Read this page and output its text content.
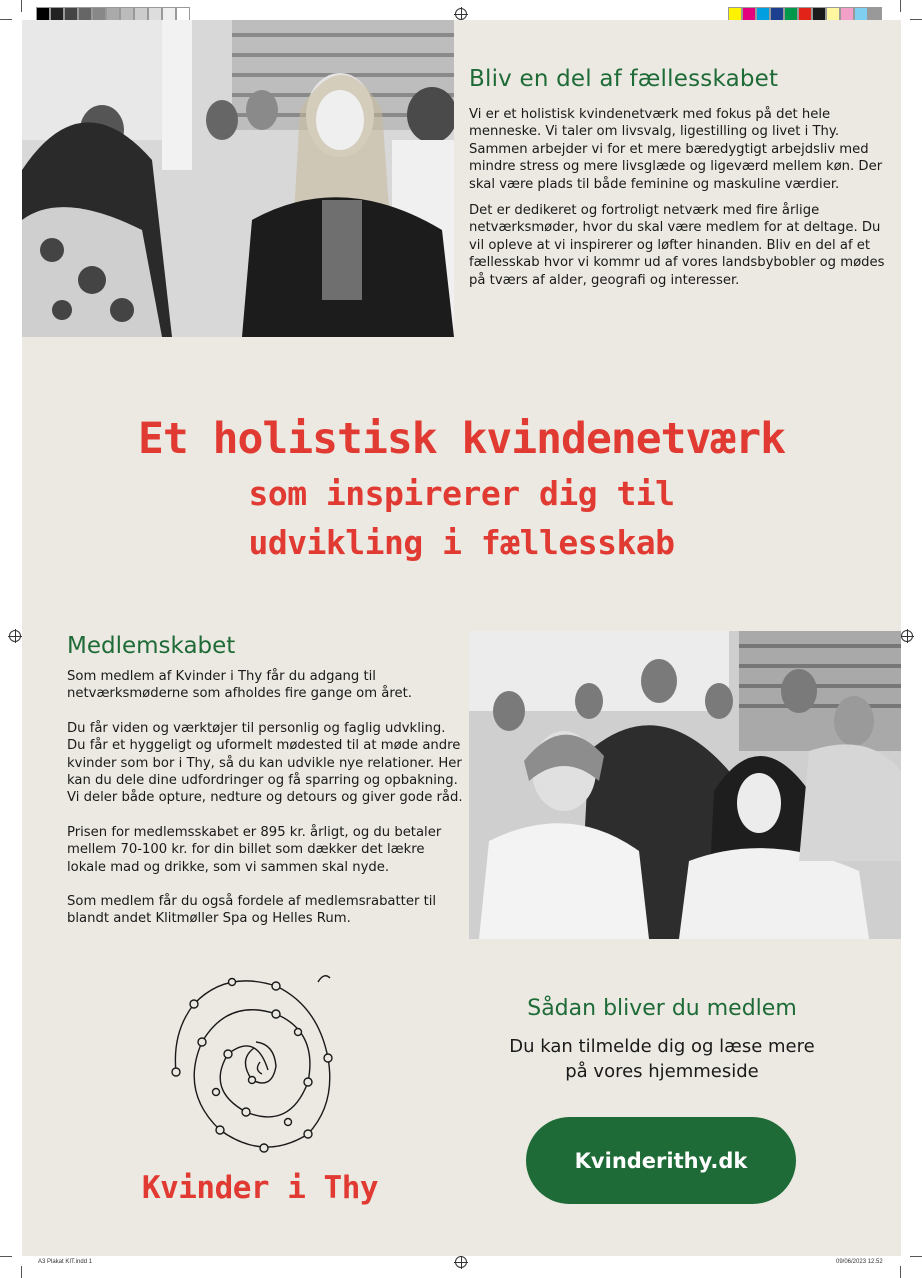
A3 Plakat KIT.indd 1	09/06/2023 12.52
Bliv en del af fællesskabet

Vi er et holistisk kvindenetværk med fokus på det hele menneske. Vi taler om livsvalg, ligestilling og livet i Thy.

Sammen arbejder vi for et mere bæredygtigt arbejdsliv med mindre stress og mere livsglæde og ligeværd mellem køn. Der skal være plads til både feminine og maskuline værdier.

Det er dedikeret og fortroligt netværk med fire årlige netværksmøder, hvor du skal være medlem for at deltage. Du vil opleve at vi inspirerer og løfter hinanden. Bliv en del af et fællesskab hvor vi kommr ud af vores landsbybobler og mødes på tværs af alder, geografi og interesser.

Et holistisk kvindenetværk
som inspirerer dig til
udvikling i fællesskab
Medlemskabet

Som medlem af Kvinder i Thy får du adgang til netværksmøderne som afholdes fire gange om året.

Du får viden og værktøjer til personlig og faglig udvkling. Du får et hyggeligt og uformelt mødested til at møde andre kvinder som bor i Thy, så du kan udvikle nye relationer. Her kan du dele dine udfordringer og få sparring og opbakning. Vi deler både opture, nedture og detours og giver gode råd.

Prisen for medlemsskabet er 895 kr. årligt, og du betaler mellem 70-100 kr. for din billet som dækker det lækre lokale mad og drikke, som vi sammen skal nyde.

Som medlem får du også fordele af medlemsrabatter til blandt andet Klitmøller Spa og Helles Rum.

Kvinder i Thy
Sådan bliver du medlem
Du kan tilmelde dig og læse mere
på vores hjemmeside
Kvinderithy.dk
